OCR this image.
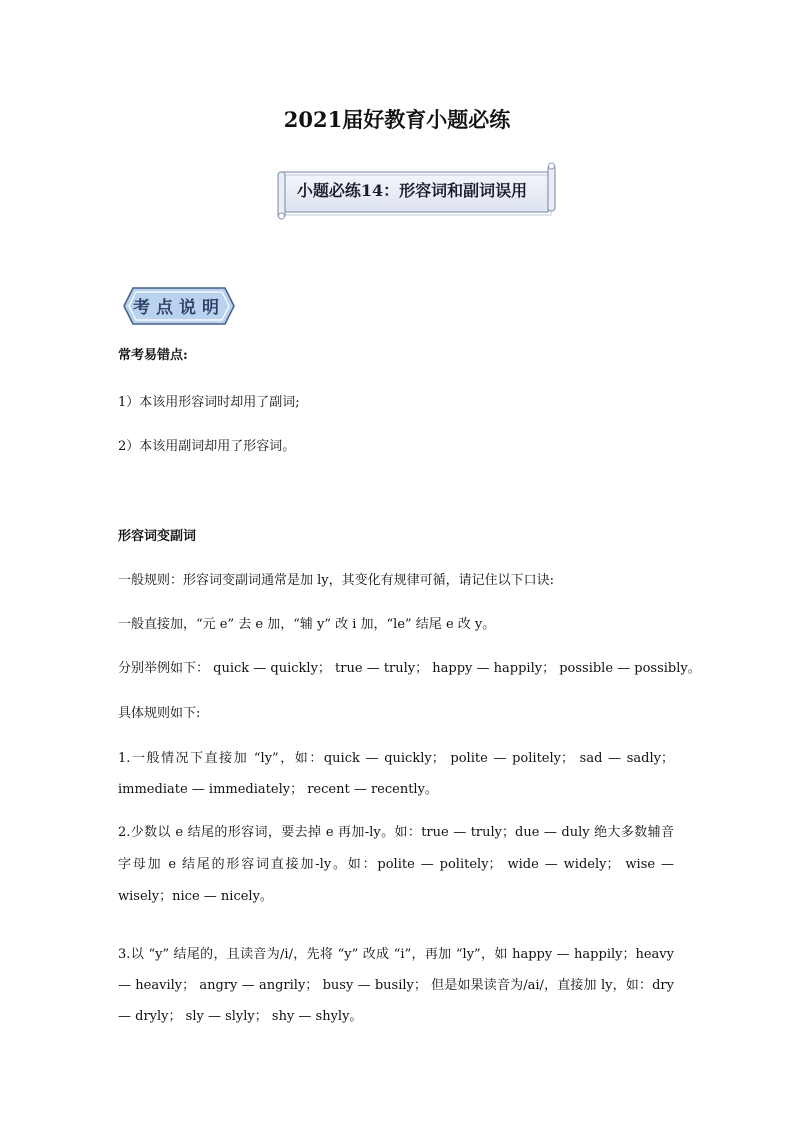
2021届好教育小题必练
小题必练14：形容词和副词误用
考点说明
常考易错点:
1）本该用形容词时却用了副词;
2）本该用副词却用了形容词。
形容词变副词
一般规则：形容词变副词通常是加 ly，其变化有规律可循，请记住以下口诀:
一般直接加，“元 e” 去 e 加，“辅 y” 改 i 加，“le” 结尾 e 改 y。
分别举例如下： quick — quickly； true — truly； happy — happily； possible — possibly。
具体规则如下:
1.一般情况下直接加 “ly”，如：quick — quickly； polite — politely； sad — sadly；immediate — immediately； recent — recently。
2.少数以 e 结尾的形容词，要去掉 e 再加-ly。如：true — truly；due — duly 绝大多数辅音字母加 e 结尾的形容词直接加-ly。如：polite — politely； wide — widely； wise — wisely；nice — nicely。
3.以 “y” 结尾的，且读音为/i/，先将 “y” 改成 “i”，再加 “ly”，如 happy — happily；heavy — heavily； angry — angrily； busy — busily； 但是如果读音为/ai/，直接加 ly，如：dry — dryly； sly — slyly； shy — shyly。
